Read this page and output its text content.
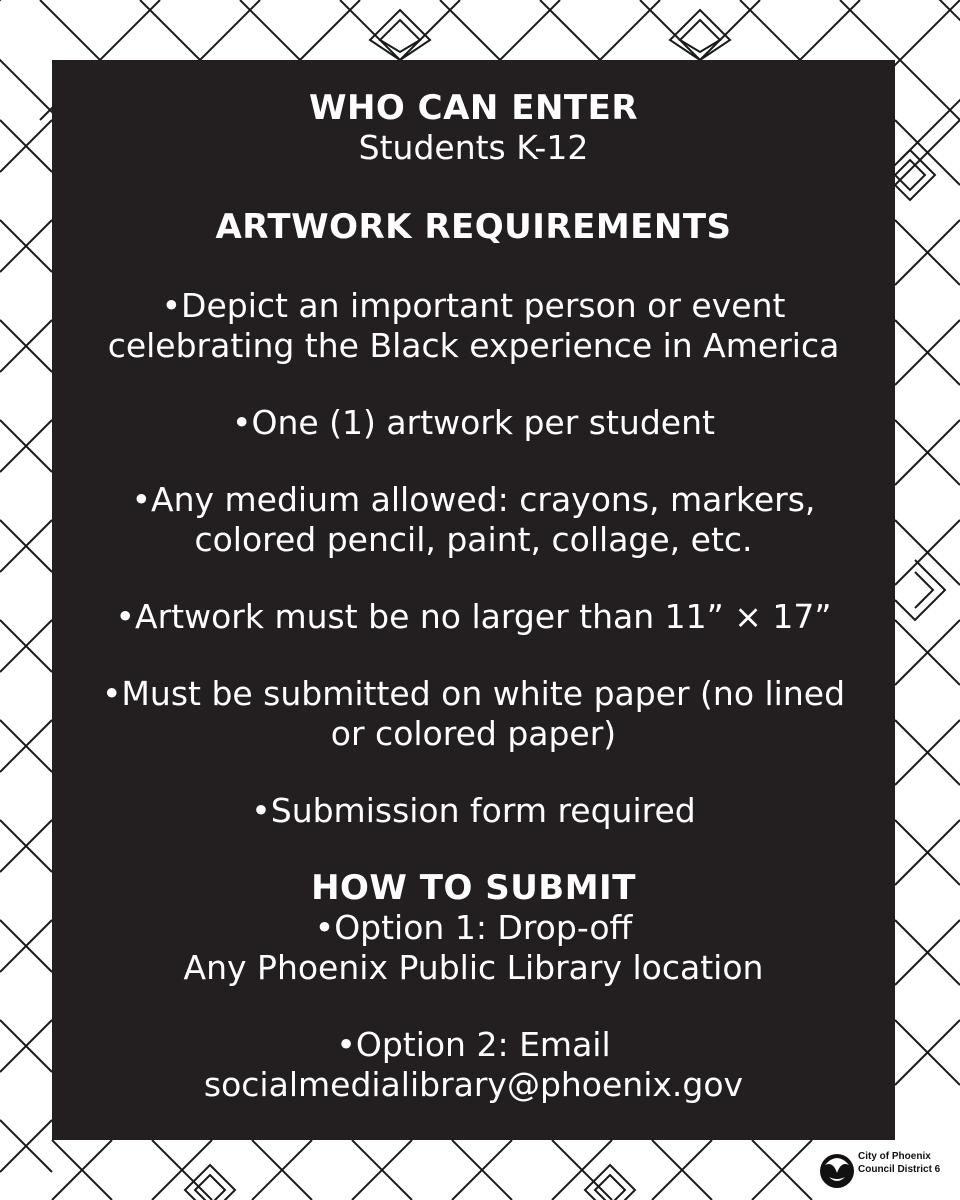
WHO CAN ENTER
Students K-12
ARTWORK REQUIREMENTS
•Depict an important person or event
celebrating the Black experience in America
•One (1) artwork per student
•Any medium allowed: crayons, markers,
colored pencil, paint, collage, etc.
•Artwork must be no larger than 11” × 17”
•Must be submitted on white paper (no lined
or colored paper)
•Submission form required
HOW TO SUBMIT
•Option 1: Drop-off
Any Phoenix Public Library location
•Option 2: Email
socialmedialibrary@phoenix.gov
City of Phoenix
Council District 6
